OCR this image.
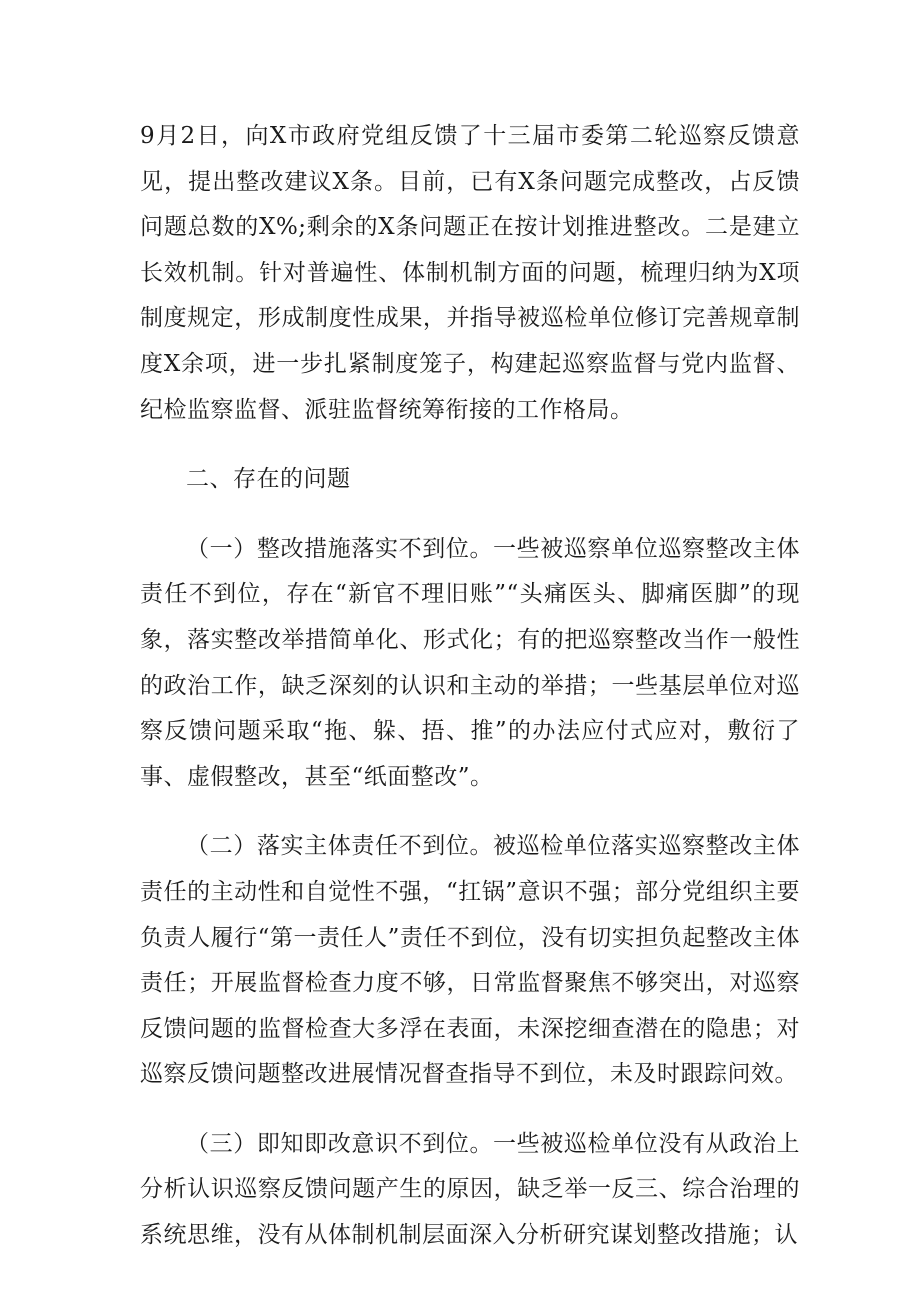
9月2日，向X市政府党组反馈了十三届市委第二轮巡察反馈意见，提出整改建议X条。目前，已有X条问题完成整改，占反馈问题总数的X%;剩余的X条问题正在按计划推进整改。二是建立长效机制。针对普遍性、体制机制方面的问题，梳理归纳为X项制度规定，形成制度性成果，并指导被巡检单位修订完善规章制度X余项，进一步扎紧制度笼子，构建起巡察监督与党内监督、纪检监察监督、派驻监督统筹衔接的工作格局。

二、存在的问题

（一）整改措施落实不到位。一些被巡察单位巡察整改主体责任不到位，存在“新官不理旧账”“头痛医头、脚痛医脚”的现象，落实整改举措简单化、形式化；有的把巡察整改当作一般性的政治工作，缺乏深刻的认识和主动的举措；一些基层单位对巡察反馈问题采取“拖、躲、捂、推”的办法应付式应对，敷衍了事、虚假整改，甚至“纸面整改”。

（二）落实主体责任不到位。被巡检单位落实巡察整改主体责任的主动性和自觉性不强，“扛锅”意识不强；部分党组织主要负责人履行“第一责任人”责任不到位，没有切实担负起整改主体责任；开展监督检查力度不够，日常监督聚焦不够突出，对巡察反馈问题的监督检查大多浮在表面，未深挖细查潜在的隐患；对巡察反馈问题整改进展情况督查指导不到位，未及时跟踪问效。

（三）即知即改意识不到位。一些被巡检单位没有从政治上分析认识巡察反馈问题产生的原因，缺乏举一反三、综合治理的系统思维，没有从体制机制层面深入分析研究谋划整改措施；认
